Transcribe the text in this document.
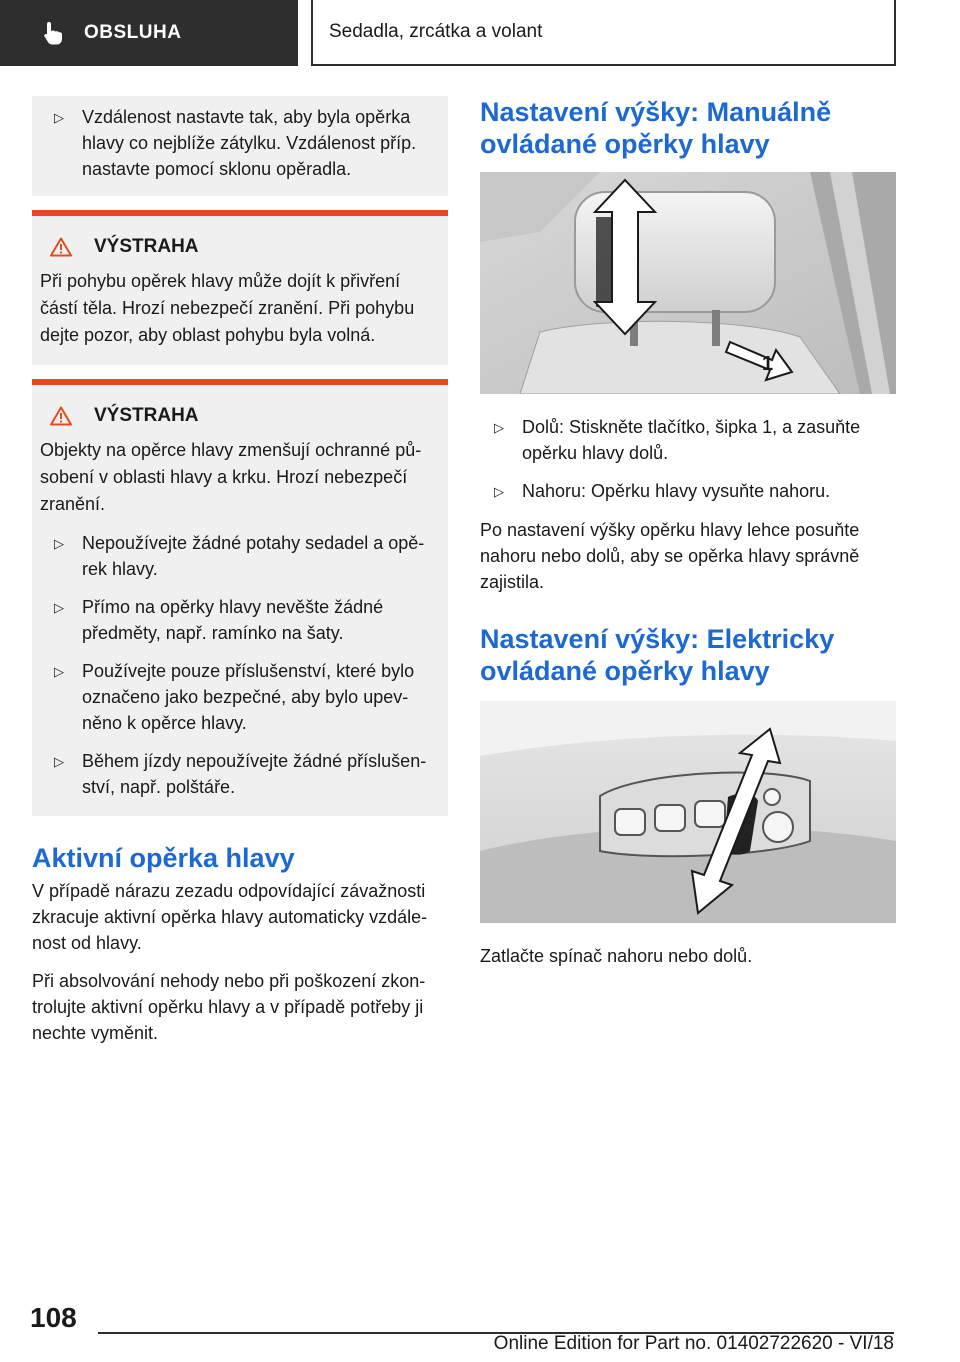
OBSLUHA	Sedadla, zrcátka a volant
▷	Vzdálenost nastavte tak, aby byla opěrka hlavy co nejblíže zátylku. Vzdálenost příp. nastavte pomocí sklonu opěradla.
VÝSTRAHA
Při pohybu opěrek hlavy může dojít k přivření částí těla. Hrozí nebezpečí zranění. Při pohybu dejte pozor, aby oblast pohybu byla volná.
VÝSTRAHA
Objekty na opěrce hlavy zmenšují ochranné pů-sobení v oblasti hlavy a krku. Hrozí nebezpečí zranění.
▷	Nepoužívejte žádné potahy sedadel a opě-rek hlavy.
▷	Přímo na opěrky hlavy nevěšte žádné předměty, např. ramínko na šaty.
▷	Používejte pouze příslušenství, které bylo označeno jako bezpečné, aby bylo upev-něno k opěrce hlavy.
▷	Během jízdy nepoužívejte žádné příslušen-ství, např. polštáře.
Aktivní opěrka hlavy

V případě nárazu zezadu odpovídající závažnosti zkracuje aktivní opěrka hlavy automaticky vzdále-nost od hlavy.

Při absolvování nehody nebo při poškození zkon-trolujte aktivní opěrku hlavy a v případě potřeby ji nechte vyměnit.

Nastavení výšky: Manuálně ovládané opěrky hlavy
1
▷	Dolů: Stiskněte tlačítko, šipka 1, a zasuňte opěrku hlavy dolů.
▷	Nahoru: Opěrku hlavy vysuňte nahoru.

Po nastavení výšky opěrku hlavy lehce posuňte nahoru nebo dolů, aby se opěrka hlavy správně zajistila.

Nastavení výšky: Elektricky ovládané opěrky hlavy

Zatlačte spínač nahoru nebo dolů.

108
Online Edition for Part no. 01402722620 - VI/18
